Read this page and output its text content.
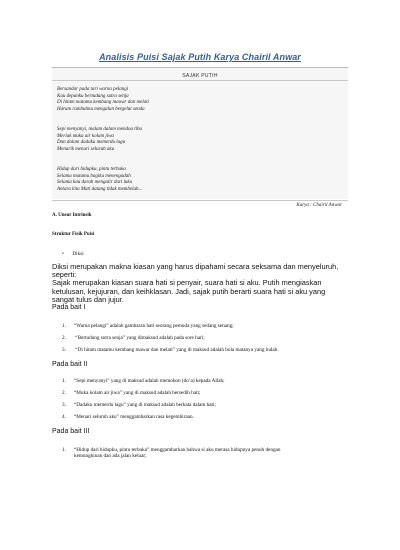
Analisis Puisi Sajak Putih Karya Chairil Anwar
SAJAK PUTIH
Bersandar pada tari warna pelangi
Kau depanku bertudung sutra senja
Di hitam matamu kembang mawar dan melati
Harum rambutmu mengalun bergelut senda
Sepi menyanyi, malam dalam mendoa tiba
Meriak muka air kolam jiwa
Dan dalam dadaku memerdu lagu
Menarik menari seluruh aku
Hidup dari hidupku, pintu terbuka
Selama matamu bagiku menengadah
Selama kau darah mengalir dari luka
Antara kita Mati datang tidak membelah...
Karya : Chairil Anwar
A. Unsur Intrinsik
Struktur Fisik Puisi
• Diksi
Diksi merupakan makna kiasan yang harus dipahami secara seksama dan menyeluruh,
seperti:
Sajak merupakan kiasan suara hati si penyair, suara hati si aku. Putih mengiaskan
ketulusan, kejujuran, dan keihklasan. Jadi, sajak putih berarti suara hati si aku yang
sangat tulus dan jujur.
Pada bait I
1. “Warna pelangi” adalah gambaran hati seorang pemuda yang sedang senang;
2. “Bertudung sutra senja” yang dimaksud adalah pada sore hari;
3. “Di hitam matamu kembang mawar dan melati” yang di maksud adalah bola matanya yang indah.
Pada bait II
1. “Sepi menyanyi” yang di maksud adalah memohon (do’a) kepada Allah;
2. “Muka kolam air jiwa” yang di maksud adalah bersedih hati;
3. “Dadaku memerdu lagu” yang di maksud adalah berkata dalam hati;
4. “Menari seluruh aku” menggambarkan rasa kegembiraan.
Pada bait III
1. “Hidup dari hidupku, pintu terbuka” menggambarkan bahwa si aku merasa hidupnya penuh dengan
kemungkinan dan ada jalan keluar;
